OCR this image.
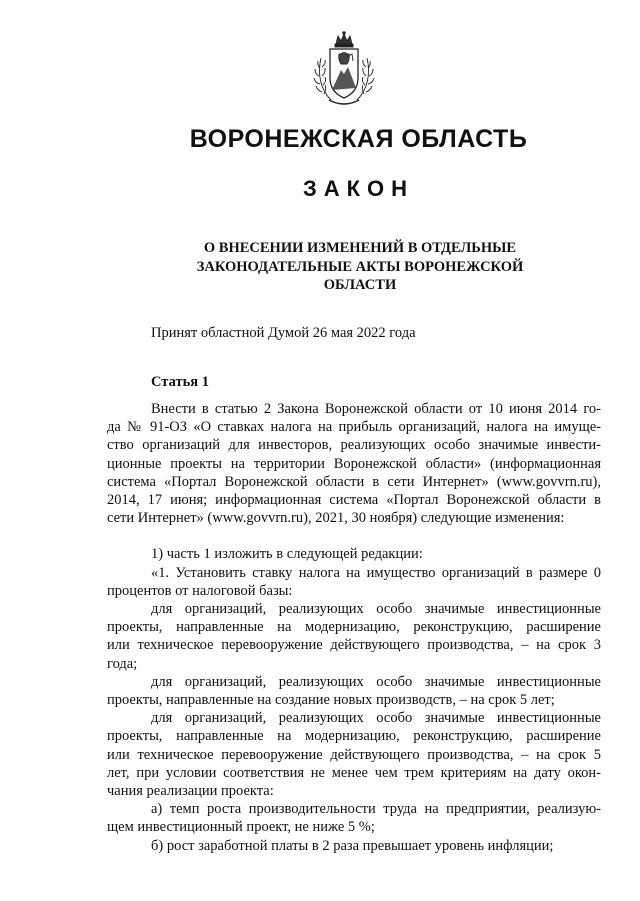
ВОРОНЕЖСКАЯ ОБЛАСТЬ
ЗАКОН
О ВНЕСЕНИИ ИЗМЕНЕНИЙ В ОТДЕЛЬНЫЕ
ЗАКОНОДАТЕЛЬНЫЕ АКТЫ ВОРОНЕЖСКОЙ
ОБЛАСТИ
Принят областной Думой 26 мая 2022 года
Статья 1
Внести в статью 2 Закона Воронежской области от 10 июня 2014 го-
да № 91-ОЗ «О ставках налога на прибыль организаций, налога на имуще-
ство организаций для инвесторов, реализующих особо значимые инвести-
ционные проекты на территории Воронежской области» (информационная
система «Портал Воронежской области в сети Интернет» (www.govvrn.ru),
2014, 17 июня; информационная система «Портал Воронежской области в
сети Интернет» (www.govvrn.ru), 2021, 30 ноября) следующие изменения:
1) часть 1 изложить в следующей редакции:
«1. Установить ставку налога на имущество организаций в размере 0
процентов от налоговой базы:
для организаций, реализующих особо значимые инвестиционные
проекты, направленные на модернизацию, реконструкцию, расширение
или техническое перевооружение действующего производства, – на срок 3
года;
для организаций, реализующих особо значимые инвестиционные
проекты, направленные на создание новых производств, – на срок 5 лет;
для организаций, реализующих особо значимые инвестиционные
проекты, направленные на модернизацию, реконструкцию, расширение
или техническое перевооружение действующего производства, – на срок 5
лет, при условии соответствия не менее чем трем критериям на дату окон-
чания реализации проекта:
а) темп роста производительности труда на предприятии, реализую-
щем инвестиционный проект, не ниже 5 %;
б) рост заработной платы в 2 раза превышает уровень инфляции;
